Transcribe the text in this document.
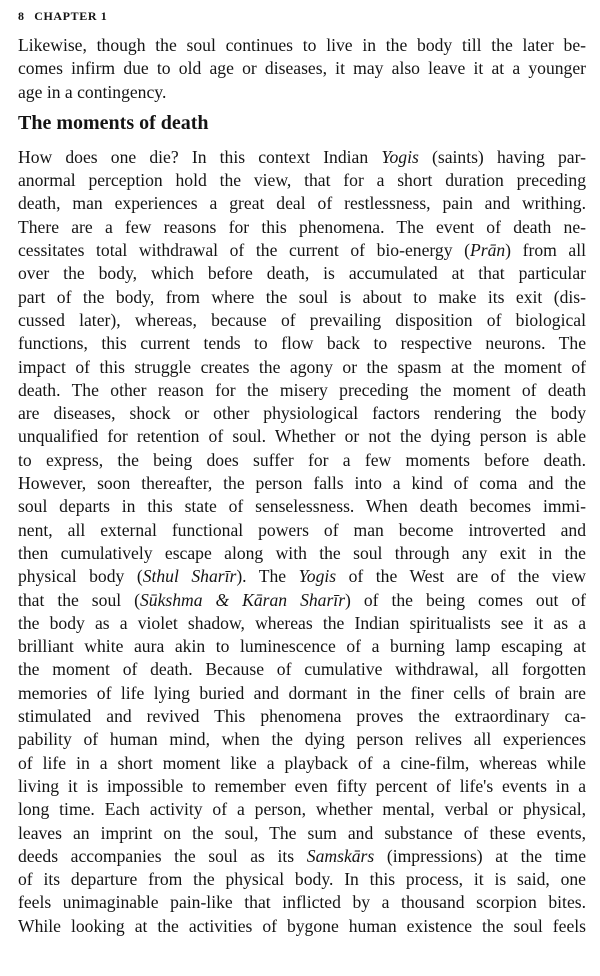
8 CHAPTER 1
Likewise, though the soul continues to live in the body till the later be-
comes infirm due to old age or diseases, it may also leave it at a younger
age in a contingency.
The moments of death
How does one die? In this context Indian Yogis (saints) having par-
anormal perception hold the view, that for a short duration preceding
death, man experiences a great deal of restlessness, pain and writhing.
There are a few reasons for this phenomena. The event of death ne-
cessitates total withdrawal of the current of bio-energy (Prān) from all
over the body, which before death, is accumulated at that particular
part of the body, from where the soul is about to make its exit (dis-
cussed later), whereas, because of prevailing disposition of biological
functions, this current tends to flow back to respective neurons. The
impact of this struggle creates the agony or the spasm at the moment of
death. The other reason for the misery preceding the moment of death
are diseases, shock or other physiological factors rendering the body
unqualified for retention of soul. Whether or not the dying person is able
to express, the being does suffer for a few moments before death.
However, soon thereafter, the person falls into a kind of coma and the
soul departs in this state of senselessness. When death becomes immi-
nent, all external functional powers of man become introverted and
then cumulatively escape along with the soul through any exit in the
physical body (Sthul Sharīr). The Yogis of the West are of the view
that the soul (Sūkshma & Kāran Sharīr) of the being comes out of
the body as a violet shadow, whereas the Indian spiritualists see it as a
brilliant white aura akin to luminescence of a burning lamp escaping at
the moment of death. Because of cumulative withdrawal, all forgotten
memories of life lying buried and dormant in the finer cells of brain are
stimulated and revived This phenomena proves the extraordinary ca-
pability of human mind, when the dying person relives all experiences
of life in a short moment like a playback of a cine-film, whereas while
living it is impossible to remember even fifty percent of life's events in a
long time. Each activity of a person, whether mental, verbal or physical,
leaves an imprint on the soul, The sum and substance of these events,
deeds accompanies the soul as its Samskārs (impressions) at the time
of its departure from the physical body. In this process, it is said, one
feels unimaginable pain-like that inflicted by a thousand scorpion bites.
While looking at the activities of bygone human existence the soul feels
